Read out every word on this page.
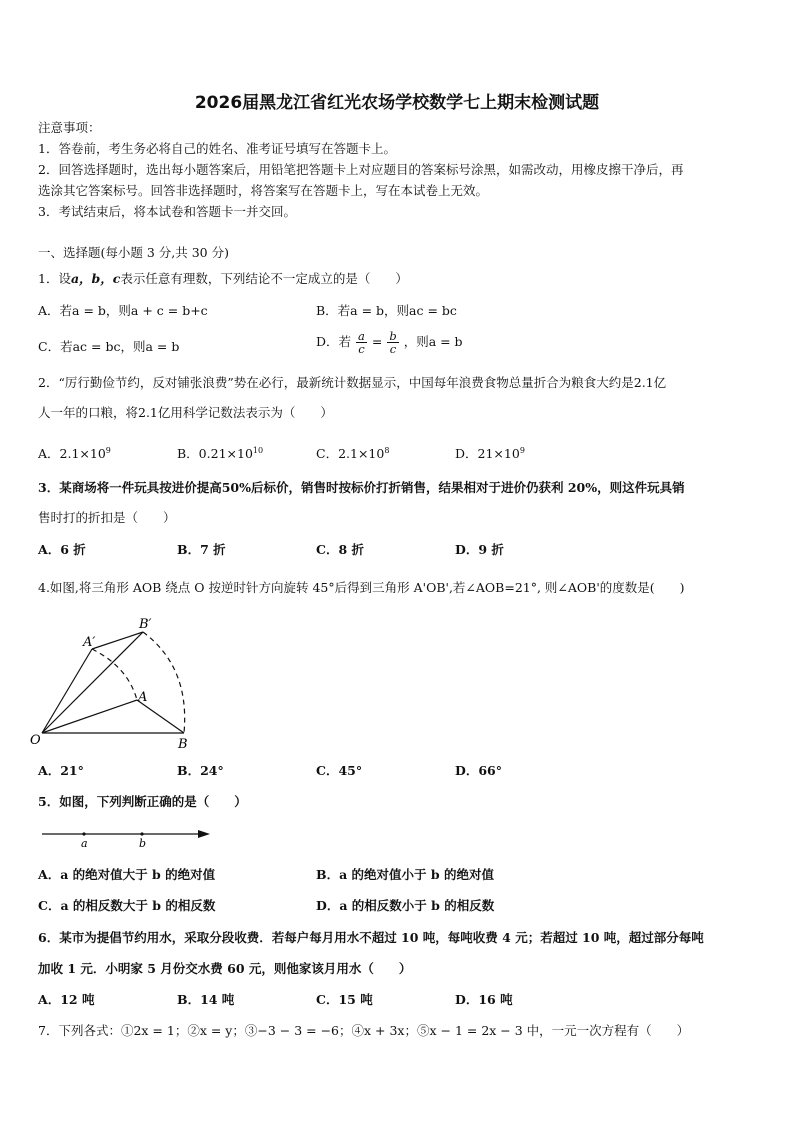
2026届黑龙江省红光农场学校数学七上期末检测试题
注意事项：
1．答卷前，考生务必将自己的姓名、准考证号填写在答题卡上。
2．回答选择题时，选出每小题答案后，用铅笔把答题卡上对应题目的答案标号涂黑，如需改动，用橡皮擦干净后，再
选涂其它答案标号。回答非选择题时，将答案写在答题卡上，写在本试卷上无效。
3．考试结束后，将本试卷和答题卡一并交回。
一、选择题(每小题 3 分,共 30 分)
1．设a，b，c表示任意有理数，下列结论不一定成立的是（　　）
A．若a = b，则a + c = b+c	B．若a = b，则ac = bc
C．若ac = bc，则a = b	D．若 $\frac{a}{c} = \frac{b}{c}$ ，则a = b
2．“厉行勤俭节约，反对铺张浪费”势在必行，最新统计数据显示，中国每年浪费食物总量折合为粮食大约是2.1亿
人一年的口粮，将2.1亿用科学记数法表示为（　　）
A．$2.1\times 10^9$	B．$0.21\times 10^{10}$	C．$2.1\times 10^8$	D．$21\times 10^9$
3．某商场将一件玩具按进价提高50%后标价，销售时按标价打折销售，结果相对于进价仍获利 20%，则这件玩具销
售时打的折扣是（　　）
A．6 折	B．7 折	C．8 折	D．9 折
4.如图,将三角形 AOB 绕点 O 按逆时针方向旋转 45°后得到三角形 A'OB',若∠AOB=21°, 则∠AOB'的度数是(　　)
O	B
A
A′
B′
A．21°	B．24°	C．45°	D．66°
5．如图，下列判断正确的是（　　）
a	b
A．a 的绝对值大于 b 的绝对值	B．a 的绝对值小于 b 的绝对值
C．a 的相反数大于 b 的相反数	D．a 的相反数小于 b 的相反数
6．某市为提倡节约用水，采取分段收费．若每户每月用水不超过 10 吨，每吨收费 4 元；若超过 10 吨，超过部分每吨
加收 1 元．小明家 5 月份交水费 60 元，则他家该月用水（　　）
A．12 吨	B．14 吨	C．15 吨	D．16 吨
7．下列各式：①2x = 1；②x = y；③−3 − 3 = −6；④x + 3x；⑤x − 1 = 2x − 3 中，一元一次方程有（　　）
